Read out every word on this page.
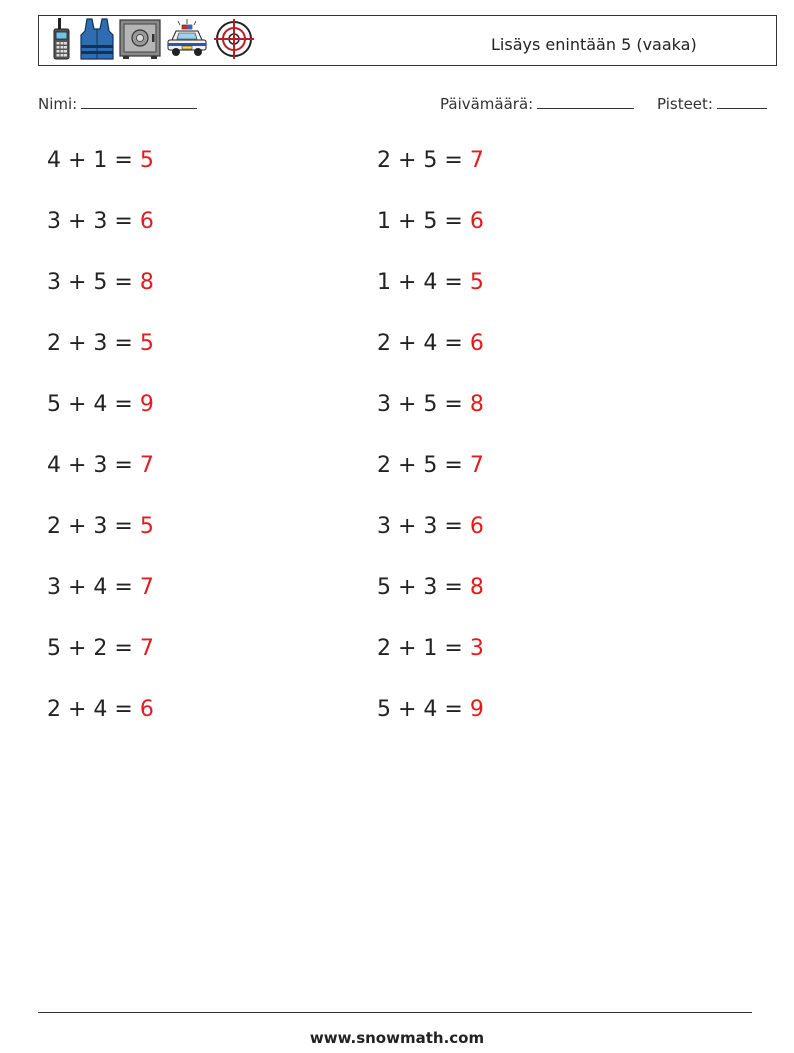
Lisäys enintään 5 (vaaka)
Nimi:	Päivämäärä:	Pisteet:
4 + 1 = 5	2 + 5 = 7
3 + 3 = 6	1 + 5 = 6
3 + 5 = 8	1 + 4 = 5
2 + 3 = 5	2 + 4 = 6
5 + 4 = 9	3 + 5 = 8
4 + 3 = 7	2 + 5 = 7
2 + 3 = 5	3 + 3 = 6
3 + 4 = 7	5 + 3 = 8
5 + 2 = 7	2 + 1 = 3
2 + 4 = 6	5 + 4 = 9
www.snowmath.com
